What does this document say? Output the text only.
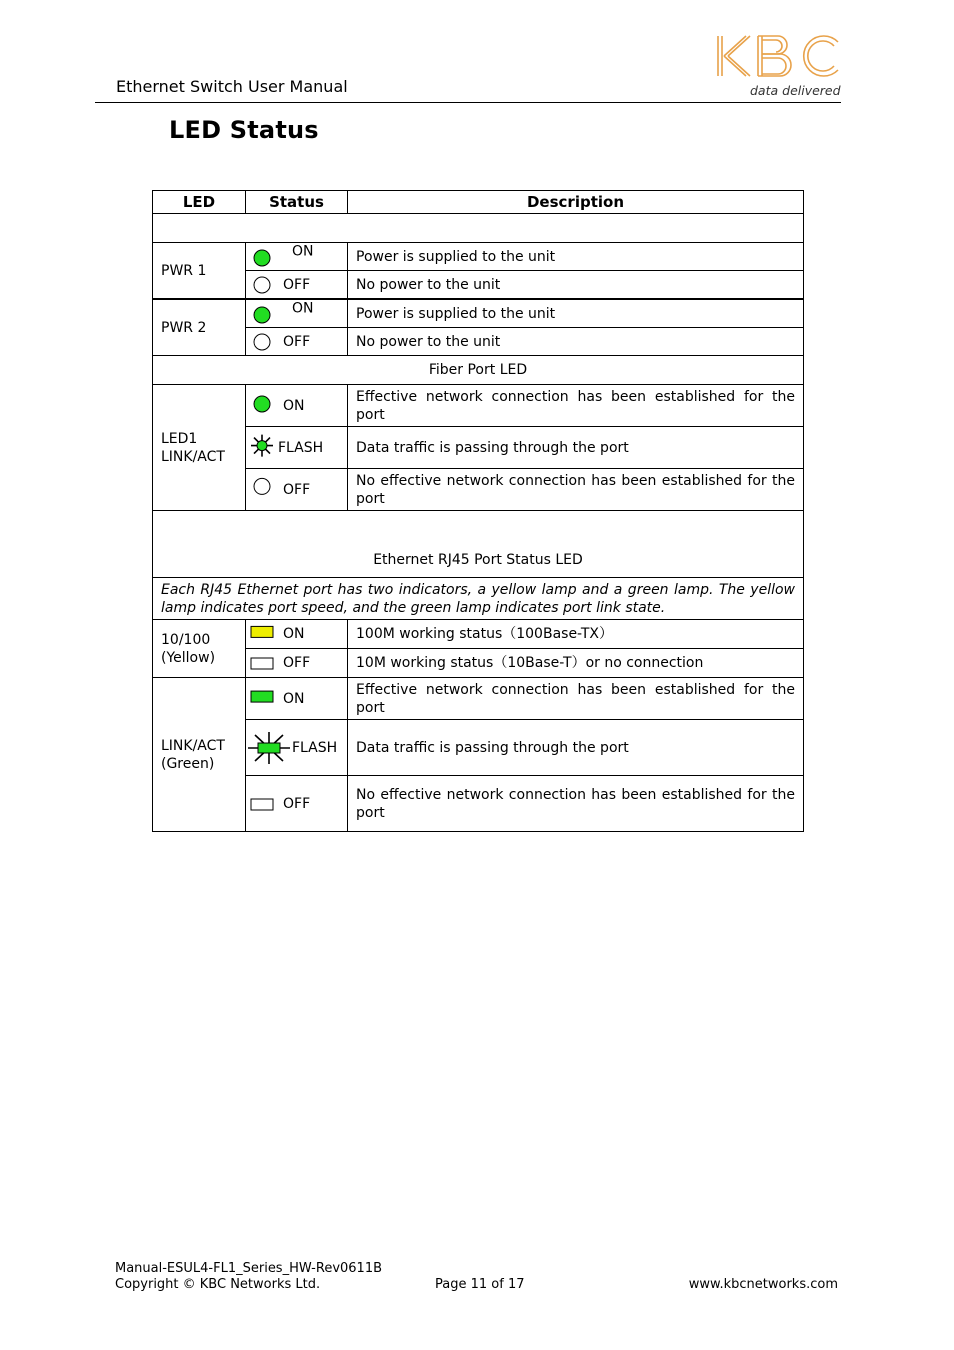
Ethernet Switch User Manual	data delivered
LED Status
LED	Status	Description

PWR 1	ON	Power is supplied to the unit

	OFF	No power to the unit
PWR 2	ON	Power is supplied to the unit

	OFF	No power to the unit
Fiber Port LED		

LED1
LINK/ACT	ON	Effective network connection has been established for the port

	FLASH	Data traffic is passing through the port

	OFF	No effective network connection has been established for the port
Ethernet RJ45 Port Status LED		
Each RJ45 Ethernet port has two indicators, a yellow lamp and a green lamp. The yellow lamp indicates port speed, and the green lamp indicates port link state.		

10/100
(Yellow)	ON	100M working status（100Base-TX）

	OFF	10M working status（10Base-T）or no connection

LINK/ACT
(Green)	ON	Effective network connection has been established for the port

	FLASH	Data traffic is passing through the port

	OFF	No effective network connection has been established for the port
Manual-ESUL4-FL1_Series_HW-Rev0611B
Copyright © KBC Networks Ltd.	Page 11 of 17	www.kbcnetworks.com
